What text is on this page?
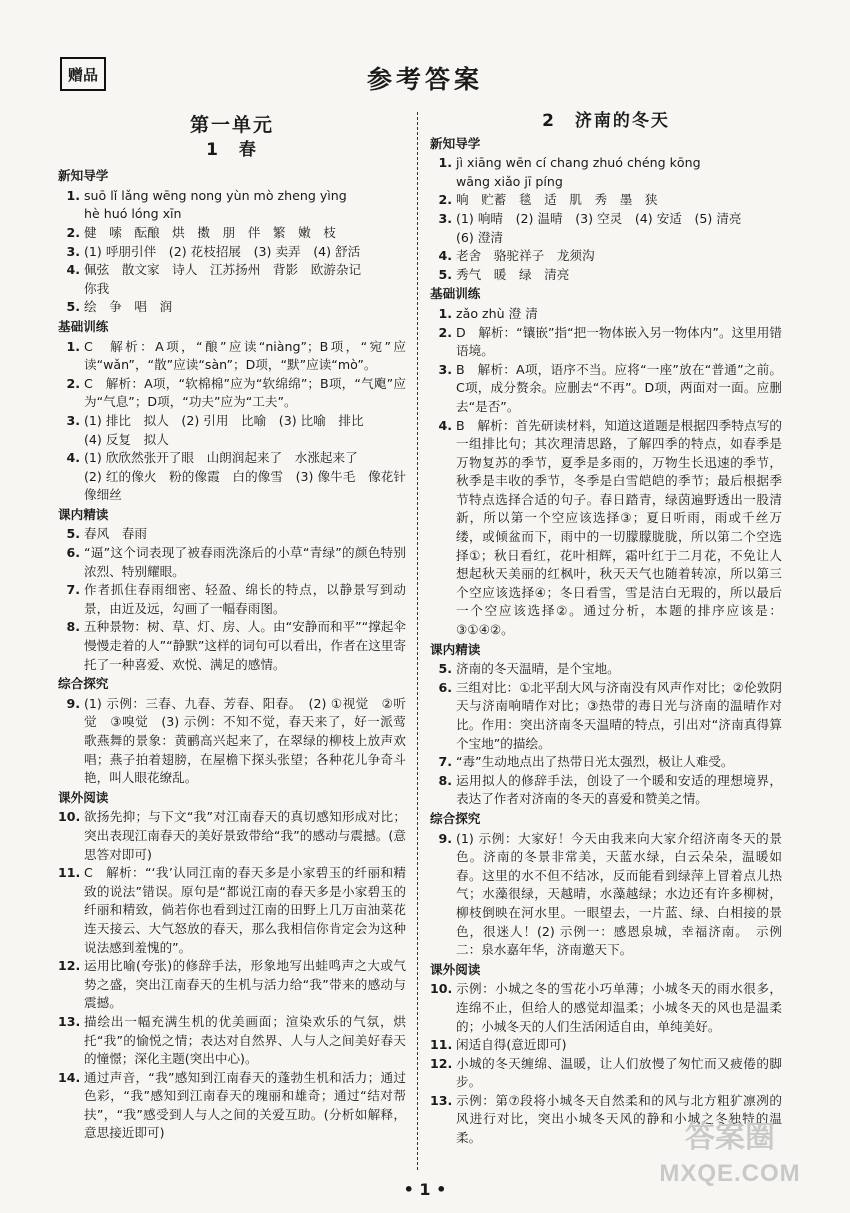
赠品	参考答案
第一单元
1　春
新知导学
1. suō lǐ lǎng wēng nong yùn mò zheng yìng
hè huó lóng xīn
2. 健　嗦　酝酿　烘　擞　朋　伴　繁　嫩　枝
3. (1) 呼朋引伴　(2) 花枝招展　(3) 卖弄　(4) 舒活
4. 佩弦　散文家　诗人　江苏扬州　背影　欧游杂记
你我
5. 绘　争　唱　润
基础训练
1. C　解析：A项，“酿”应读“niàng”；B项，“宛”应读“wǎn”，“散”应读“sàn”；D项，“默”应读“mò”。
2. C　解析：A项，“软棉棉”应为“软绵绵”；B项，“气飑”应为“气息”；D项，“功夫”应为“工夫”。
3. (1) 排比　拟人　(2) 引用　比喻　(3) 比喻　排比
(4) 反复　拟人
4. (1) 欣欣然张开了眼　山朗润起来了　水涨起来了
(2) 红的像火　粉的像霞　白的像雪　(3) 像牛毛　像花针　像细丝
课内精读
5. 春风　春雨
6. “逼”这个词表现了被春雨洗涤后的小草“青绿”的颜色特别浓烈、特别耀眼。
7. 作者抓住春雨细密、轻盈、绵长的特点，以静景写到动景，由近及远，勾画了一幅春雨图。
8. 五种景物：树、草、灯、房、人。由“安静而和平”“撑起伞慢慢走着的人”“静默”这样的词句可以看出，作者在这里寄托了一种喜爱、欢悦、满足的感情。
综合探究
9. (1) 示例：三春、九春、芳春、阳春。　(2) ①视觉　②听觉　③嗅觉　(3) 示例：不知不觉，春天来了，好一派莺歌燕舞的景象：黄鹂高兴起来了，在翠绿的柳枝上放声欢唱；燕子拍着翅膀，在屋檐下探头张望；各种花儿争奇斗艳，叫人眼花缭乱。
课外阅读
10. 欲扬先抑；与下文“我”对江南春天的真切感知形成对比；突出表现江南春天的美好景致带给“我”的感动与震撼。(意思答对即可)
11. C　解析：“‘我’认同江南的春天多是小家碧玉的纤丽和精致的说法”错误。原句是“都说江南的春天多是小家碧玉的纤丽和精致，倘若你也看到过江南的田野上几万亩油菜花连天接云、大气怒放的春天，那么我相信你肯定会为这种说法感到羞愧的”。
12. 运用比喻(夸张)的修辞手法，形象地写出蛙鸣声之大或气势之盛，突出江南春天的生机与活力给“我”带来的感动与震撼。
13. 描绘出一幅充满生机的优美画面；渲染欢乐的气氛，烘托“我”的愉悦之情；表达对自然界、人与人之间美好春天的憧憬；深化主题(突出中心)。
14. 通过声音，“我”感知到江南春天的蓬勃生机和活力；通过色彩，“我”感知到江南春天的瑰丽和雄奇；通过“结对帮扶”，“我”感受到人与人之间的关爱互助。(分析如解释，意思接近即可)
2　济南的冬天
新知导学
1. jì xiāng wēn cí chang zhuó chéng kōng
wāng xiǎo jī píng
2. 响　贮蓄　毯　适　肌　秀　墨　狭
3. (1) 响晴　(2) 温晴　(3) 空灵　(4) 安适　(5) 清亮
(6) 澄清
4. 老舍　骆驼祥子　龙须沟
5. 秀气　暖　绿　清亮
基础训练
1. zǎo zhù 澄 清
2. D　解析：“镶嵌”指“把一物体嵌入另一物体内”。这里用错语境。
3. B　解析：A项，语序不当。应将“一座”放在“普通”之前。C项，成分赘余。应删去“不再”。D项，两面对一面。应删去“是否”。
4. B　解析：首先研读材料，知道这道题是根据四季特点写的一组排比句；其次理清思路，了解四季的特点，如春季是万物复苏的季节，夏季是多雨的，万物生长迅速的季节，秋季是丰收的季节，冬季是白雪皑皑的季节；最后根据季节特点选择合适的句子。春日踏青，绿茵遍野透出一股清新，所以第一个空应该选择③；夏日听雨，雨或千丝万缕，或倾盆而下，雨中的一切朦朦胧胧，所以第二个空选择①；秋日看红，花叶相辉，霜叶红于二月花，不免让人想起秋天美丽的红枫叶，秋天天气也随着转凉，所以第三个空应该选择④；冬日看雪，雪是洁白无瑕的，所以最后一个空应该选择②。通过分析，本题的排序应该是：③①④②。
课内精读
5. 济南的冬天温晴，是个宝地。
6. 三组对比：①北平刮大风与济南没有风声作对比；②伦敦阴天与济南响晴作对比；③热带的毒日光与济南的温晴作对比。作用：突出济南冬天温晴的特点，引出对“济南真得算个宝地”的描绘。
7. “毒”生动地点出了热带日光太强烈，极让人难受。
8. 运用拟人的修辞手法，创设了一个暖和安适的理想境界，表达了作者对济南的冬天的喜爱和赞美之情。
综合探究
9. (1) 示例：大家好！今天由我来向大家介绍济南冬天的景色。济南的冬景非常美，天蓝水绿，白云朵朵，温暖如春。这里的水不但不结冰，反而能看到绿萍上冒着点儿热气；水藻很绿，天越晴，水藻越绿；水边还有许多柳树，柳枝倒映在河水里。一眼望去，一片蓝、绿、白相接的景色，很迷人！(2) 示例一：感恩泉城，幸福济南。　示例二：泉水嘉年华，济南邀天下。
课外阅读
10. 示例：小城之冬的雪花小巧单薄；小城冬天的雨水很多，连绵不止，但给人的感觉却温柔；小城冬天的风也是温柔的；小城冬天的人们生活闲适自由，单纯美好。
11. 闲适自得(意近即可)
12. 小城的冬天缠绵、温暖，让人们放慢了匆忙而又疲倦的脚步。
13. 示例：第⑦段将小城冬天自然柔和的风与北方粗犷凛冽的风进行对比，突出小城冬天风的静和小城之冬独特的温柔。
• 1 •
答案圈
MXQE.COM
